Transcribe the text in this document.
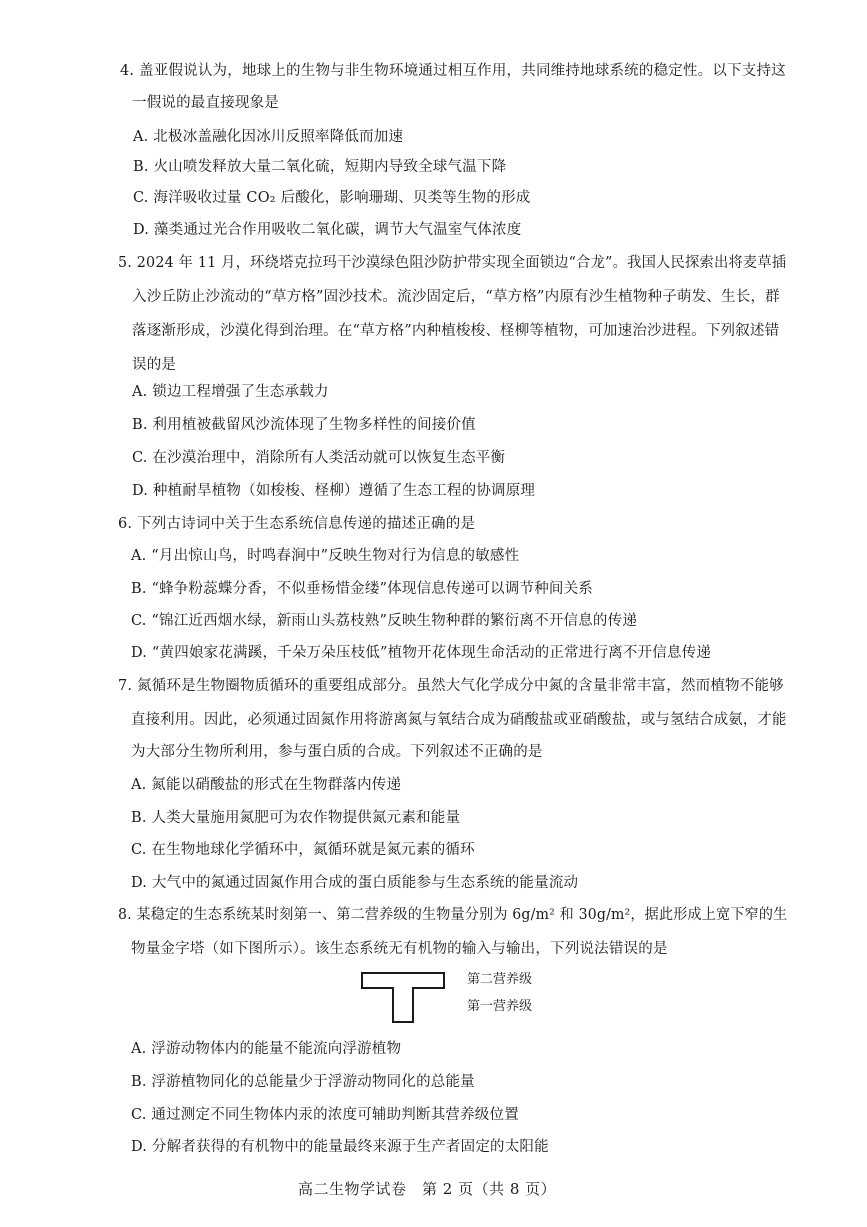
4. 盖亚假说认为，地球上的生物与非生物环境通过相互作用，共同维持地球系统的稳定性。以下支持这
一假说的最直接现象是
A. 北极冰盖融化因冰川反照率降低而加速
B. 火山喷发释放大量二氧化硫，短期内导致全球气温下降
C. 海洋吸收过量 CO₂ 后酸化，影响珊瑚、贝类等生物的形成
D. 藻类通过光合作用吸收二氧化碳，调节大气温室气体浓度
5. 2024 年 11 月，环绕塔克拉玛干沙漠绿色阻沙防护带实现全面锁边“合龙”。我国人民探索出将麦草插
入沙丘防止沙流动的“草方格”固沙技术。流沙固定后，“草方格”内原有沙生植物种子萌发、生长，群
落逐渐形成，沙漠化得到治理。在“草方格”内种植梭梭、柽柳等植物，可加速治沙进程。下列叙述错
误的是
A. 锁边工程增强了生态承载力
B. 利用植被截留风沙流体现了生物多样性的间接价值
C. 在沙漠治理中，消除所有人类活动就可以恢复生态平衡
D. 种植耐旱植物（如梭梭、柽柳）遵循了生态工程的协调原理
6. 下列古诗词中关于生态系统信息传递的描述正确的是
A. “月出惊山鸟，时鸣春涧中”反映生物对行为信息的敏感性
B. “蜂争粉蕊蝶分香，不似垂杨惜金缕”体现信息传递可以调节种间关系
C. “锦江近西烟水绿，新雨山头荔枝熟”反映生物种群的繁衍离不开信息的传递
D. “黄四娘家花满蹊，千朵万朵压枝低”植物开花体现生命活动的正常进行离不开信息传递
7. 氮循环是生物圈物质循环的重要组成部分。虽然大气化学成分中氮的含量非常丰富，然而植物不能够
直接利用。因此，必须通过固氮作用将游离氮与氧结合成为硝酸盐或亚硝酸盐，或与氢结合成氨，才能
为大部分生物所利用，参与蛋白质的合成。下列叙述不正确的是
A. 氮能以硝酸盐的形式在生物群落内传递
B. 人类大量施用氮肥可为农作物提供氮元素和能量
C. 在生物地球化学循环中，氮循环就是氮元素的循环
D. 大气中的氮通过固氮作用合成的蛋白质能参与生态系统的能量流动
8. 某稳定的生态系统某时刻第一、第二营养级的生物量分别为 6g/m² 和 30g/m²，据此形成上宽下窄的生
物量金字塔（如下图所示）。该生态系统无有机物的输入与输出，下列说法错误的是
第二营养级
第一营养级
A. 浮游动物体内的能量不能流向浮游植物
B. 浮游植物同化的总能量少于浮游动物同化的总能量
C. 通过测定不同生物体内汞的浓度可辅助判断其营养级位置
D. 分解者获得的有机物中的能量最终来源于生产者固定的太阳能
高二生物学试卷　第 2 页（共 8 页）
